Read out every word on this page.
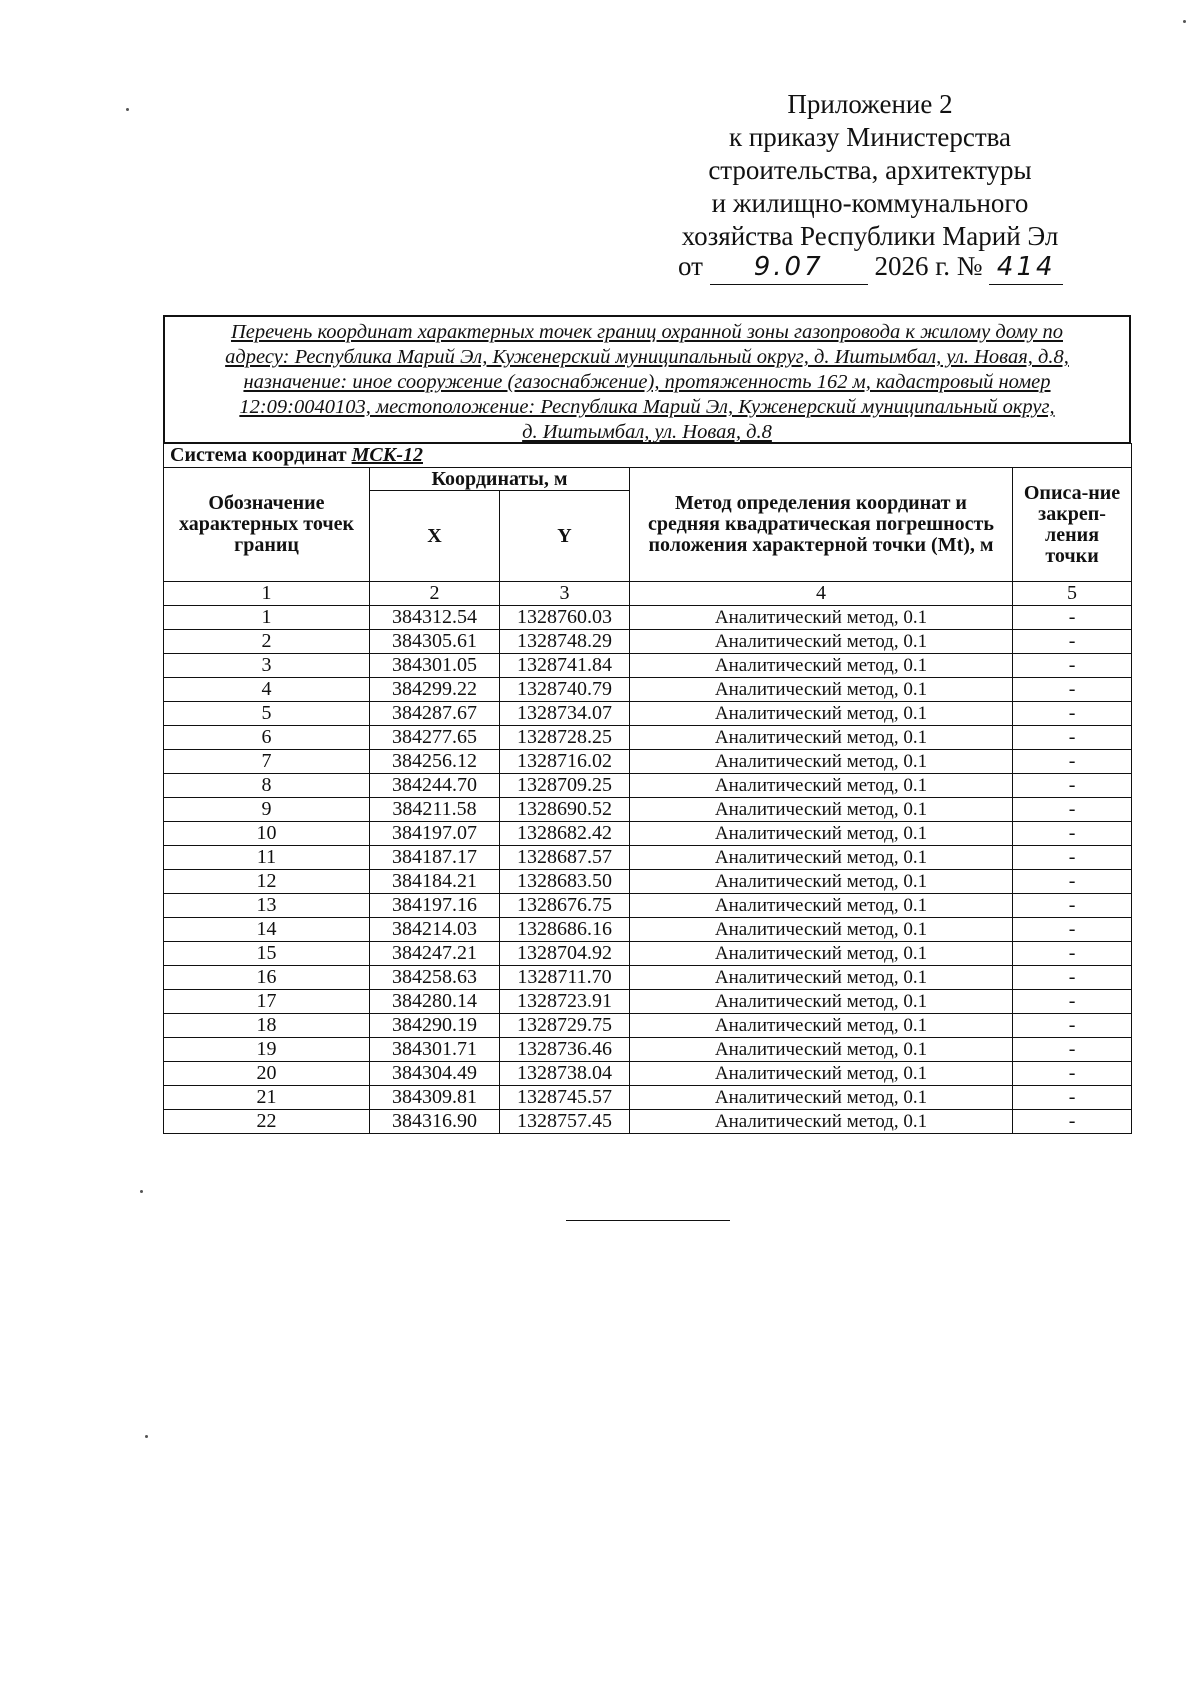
Приложение 2
к приказу Министерства
строительства, архитектуры
и жилищно-коммунального
хозяйства Республики Марий Эл
от 9.07 2026 г. № 414
Перечень координат характерных точек границ охранной зоны газопровода к жилому дому по
адресу: Республика Марий Эл, Куженерский муниципальный округ, д. Иштымбал, ул. Новая, д.8,
назначение: иное сооружение (газоснабжение), протяженность 162 м, кадастровый номер
12:09:0040103, местоположение: Республика Марий Эл, Куженерский муниципальный округ,
д. Иштымбал, ул. Новая, д.8
Система координат МСК-12				
Обозначение характерных точек границ	Координаты, м		Метод определения координат и средняя квадратическая погрешность положения характерной точки (Mt), м	Описа-ние закреп-ления точки
	X	Y		
1	2	3	4	5
1	384312.54	1328760.03	Аналитический метод, 0.1	-
2	384305.61	1328748.29	Аналитический метод, 0.1	-
3	384301.05	1328741.84	Аналитический метод, 0.1	-
4	384299.22	1328740.79	Аналитический метод, 0.1	-
5	384287.67	1328734.07	Аналитический метод, 0.1	-
6	384277.65	1328728.25	Аналитический метод, 0.1	-
7	384256.12	1328716.02	Аналитический метод, 0.1	-
8	384244.70	1328709.25	Аналитический метод, 0.1	-
9	384211.58	1328690.52	Аналитический метод, 0.1	-
10	384197.07	1328682.42	Аналитический метод, 0.1	-
11	384187.17	1328687.57	Аналитический метод, 0.1	-
12	384184.21	1328683.50	Аналитический метод, 0.1	-
13	384197.16	1328676.75	Аналитический метод, 0.1	-
14	384214.03	1328686.16	Аналитический метод, 0.1	-
15	384247.21	1328704.92	Аналитический метод, 0.1	-
16	384258.63	1328711.70	Аналитический метод, 0.1	-
17	384280.14	1328723.91	Аналитический метод, 0.1	-
18	384290.19	1328729.75	Аналитический метод, 0.1	-
19	384301.71	1328736.46	Аналитический метод, 0.1	-
20	384304.49	1328738.04	Аналитический метод, 0.1	-
21	384309.81	1328745.57	Аналитический метод, 0.1	-
22	384316.90	1328757.45	Аналитический метод, 0.1	-
